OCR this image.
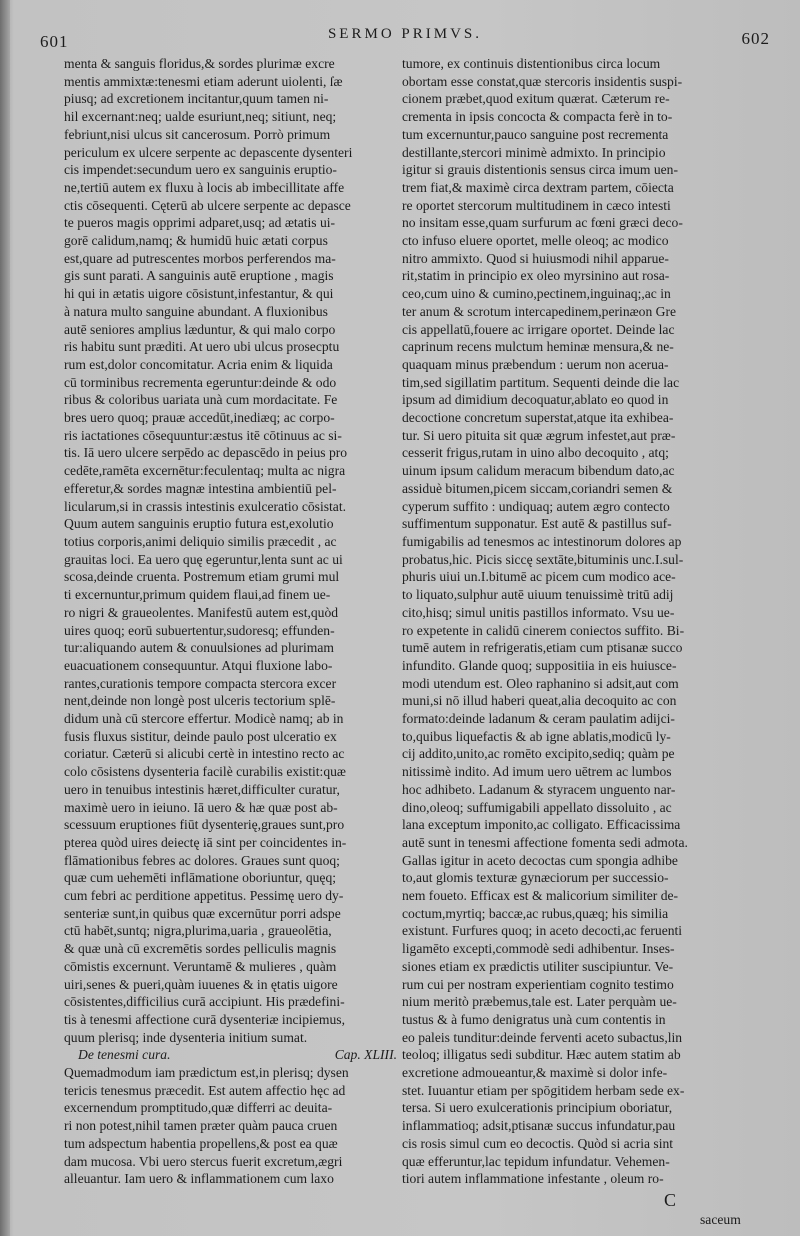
601	SERMO PRIMVS.	602
menta & sanguis floridus,& sordes plurimæ excre
mentis ammixtæ:tenesmi etiam aderunt uiolenti, ſæ
piusq; ad excretionem incitantur,quum tamen ni-
hil excernant:neq; ualde esuriunt,neq; sitiunt, neq;
febriunt,nisi ulcus sit cancerosum. Porrò primum
periculum ex ulcere serpente ac depascente dysenteri
cis impendet:secundum uero ex sanguinis eruptio-
ne,tertiū autem ex fluxu à locis ab imbecillitate affe
ctis cōsequenti. Cęterū ab ulcere serpente ac depasce
te pueros magis opprimi adparet,usq; ad ætatis ui-
gorē calidum,namq; & humidū huic ætati corpus
est,quare ad putrescentes morbos perferendos ma-
gis sunt parati. A sanguinis autē eruptione , magis
hi qui in ætatis uigore cōsistunt,infestantur, & qui
à natura multo sanguine abundant. A fluxionibus
autē seniores amplius læduntur, & qui malo corpo
ris habitu sunt præditi. At uero ubi ulcus prosecptu
rum est,dolor concomitatur. Acria enim & liquida
cū torminibus recrementa egeruntur:deinde & odo
ribus & coloribus uariata unà cum mordacitate. Fe
bres uero quoq; prauæ accedūt,inediæq; ac corpo-
ris iactationes cōsequuntur:æstus itē cōtinuus ac si-
tis. Iā uero ulcere serpēdo ac depascēdo in peius pro
cedēte,ramēta excernētur:feculentaq; multa ac nigra
efferetur,& sordes magnæ intestina ambientiū pel-
licularum,si in crassis intestinis exulceratio cōsistat.
Quum autem sanguinis eruptio futura est,exolutio
totius corporis,animi deliquio similis præcedit , ac
grauitas loci. Ea uero quę egeruntur,lenta sunt ac ui
scosa,deinde cruenta. Postremum etiam grumi mul
ti excernuntur,primum quidem flaui,ad finem ue-
ro nigri & graueolentes. Manifestū autem est,quòd
uires quoq; eorū subuertentur,sudoresq; effunden-
tur:aliquando autem & conuulsiones ad plurimam
euacuationem consequuntur. Atqui fluxione labo-
rantes,curationis tempore compacta stercora excer
nent,deinde non longè post ulceris tectorium splē-
didum unà cū stercore effertur. Modicè namq; ab in
fusis fluxus sistitur, deinde paulo post ulceratio ex
coriatur. Cæterū si alicubi certè in intestino recto ac
colo cōsistens dysenteria facilè curabilis existit:quæ
uero in tenuibus intestinis hæret,difficulter curatur,
maximè uero in ieiuno. Iā uero & hæ quæ post ab-
scessuum eruptiones fiūt dysenterię,graues sunt,pro
pterea quòd uires deiectę iā sint per coincidentes in-
flāmationibus febres ac dolores. Graues sunt quoq;
quæ cum uehemēti inflāmatione oboriuntur, quęq;
cum febri ac perditione appetitus. Pessimę uero dy-
senteriæ sunt,in quibus quæ excernūtur porri adspe
ctū habēt,suntq; nigra,plurima,uaria , graueolētia,
& quæ unà cū excremētis sordes pelliculis magnis
cōmistis excernunt. Veruntamē & mulieres , quàm
uiri,senes & pueri,quàm iuuenes & in ętatis uigore
cōsistentes,difficilius curā accipiunt. His prædefini-
tis à tenesmi affectione curā dysenteriæ incipiemus,
quum plerisq; inde dysenteria initium sumat.
De tenesmi cura.	Cap. XLIII.
Quemadmodum iam prædictum est,in plerisq; dysen
tericis tenesmus præcedit. Est autem affectio hęc ad
excernendum promptitudo,quæ differri ac deuita-
ri non potest,nihil tamen præter quàm pauca cruen
tum adspectum habentia propellens,& post ea quæ
dam mucosa. Vbi uero stercus fuerit excretum,ægri
alleuantur. Iam uero & inflammationem cum laxo
tumore, ex continuis distentionibus circa locum
obortam esse constat,quæ stercoris insidentis suspi-
cionem præbet,quod exitum quærat. Cæterum re-
crementa in ipsis concocta & compacta ferè in to-
tum excernuntur,pauco sanguine post recrementa
destillante,stercori minimè admixto. In principio
igitur si grauis distentionis sensus circa imum uen-
trem fiat,& maximè circa dextram partem, cōiecta
re oportet stercorum multitudinem in cæco intesti
no insitam esse,quam surfurum ac fœni græci deco-
cto infuso eluere oportet, melle oleoq; ac modico
nitro ammixto. Quod si huiusmodi nihil apparue-
rit,statim in principio ex oleo myrsinino aut rosa-
ceo,cum uino & cumino,pectinem,inguinaq;,ac in
ter anum & scrotum intercapedinem,perinæon Gre
cis appellatū,fouere ac irrigare oportet. Deinde lac
caprinum recens mulctum heminæ mensura,& ne-
quaquam minus præbendum : uerum non acerua-
tim,sed sigillatim partitum. Sequenti deinde die lac
ipsum ad dimidium decoquatur,ablato eo quod in
decoctione concretum superstat,atque ita exhibea-
tur. Si uero pituita sit quæ ægrum infestet,aut præ-
cesserit frigus,rutam in uino albo decoquito , atq;
uinum ipsum calidum meracum bibendum dato,ac
assiduè bitumen,picem siccam,coriandri semen &
cyperum suffito : undiquaq; autem ægro contecto
suffimentum supponatur. Est autē & pastillus suf-
fumigabilis ad tenesmos ac intestinorum dolores ap
probatus,hic. Picis siccę sextāte,bituminis unc.I.sul-
phuris uiui un.I.bitumē ac picem cum modico ace-
to liquato,sulphur autē uiuum tenuissimè tritū adij
cito,hisq; simul unitis pastillos informato. Vsu ue-
ro expetente in calidū cinerem coniectos suffito. Bi-
tumē autem in refrigeratis,etiam cum ptisanæ succo
infundito. Glande quoq; suppositiia in eis huiusce-
modi utendum est. Oleo raphanino si adsit,aut com
muni,si nō illud haberi queat,alia decoquito ac con
formato:deinde ladanum & ceram paulatim adijci-
to,quibus liquefactis & ab igne ablatis,modicū ly-
cij addito,unito,ac romēto excipito,sediq; quàm pe
nitissimè indito. Ad imum uero uētrem ac lumbos
hoc adhibeto. Ladanum & styracem unguento nar-
dino,oleoq; suffumigabili appellato dissoluito , ac
lana exceptum imponito,ac colligato. Efficacissima
autē sunt in tenesmi affectione fomenta sedi admota.
Gallas igitur in aceto decoctas cum spongia adhibe
to,aut glomis texturæ gynæciorum per successio-
nem foueto. Efficax est & malicorium similiter de-
coctum,myrtiq; baccæ,ac rubus,quæq; his similia
existunt. Furfures quoq; in aceto decocti,ac feruenti
ligamēto excepti,commodè sedi adhibentur. Inses-
siones etiam ex prædictis utiliter suscipiuntur. Ve-
rum cui per nostram experientiam cognito testimo
nium meritò præbemus,tale est. Later perquàm ue-
tustus & à fumo denigratus unà cum contentis in
eo paleis tunditur:deinde ferventi aceto subactus,lin
teoloq; illigatus sedi subditur. Hæc autem statim ab
excretione admoueantur,& maximè si dolor infe-
stet. Iuuantur etiam per spōgitidem herbam sede ex-
tersa. Si uero exulcerationis principium oboriatur,
inflammatioq; adsit,ptisanæ succus infundatur,pau
cis rosis simul cum eo decoctis. Quòd si acria sint
quæ efferuntur,lac tepidum infundatur. Vehemen-
tiori autem inflammatione infestante , oleum ro-
C
saceum
